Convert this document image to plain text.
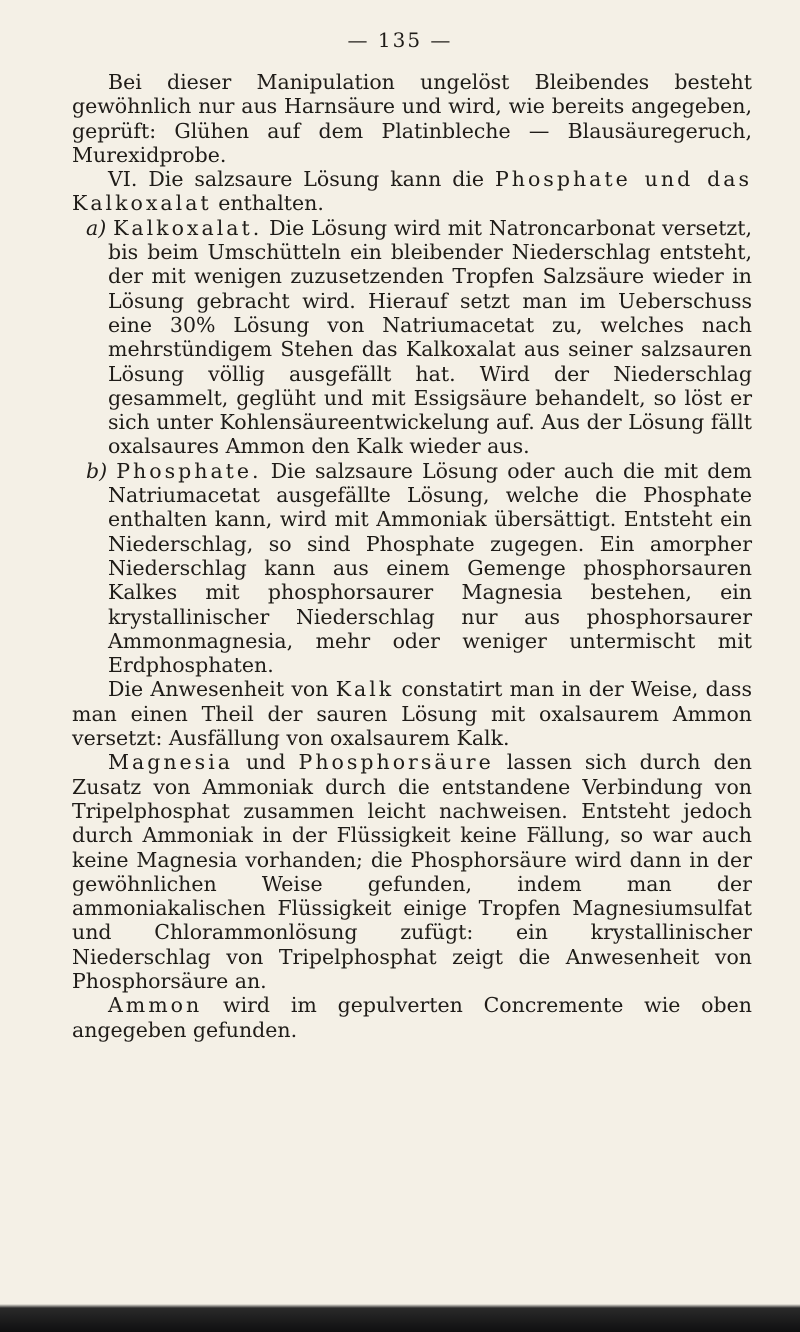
— 135 —

Bei dieser Manipulation ungelöst Bleibendes besteht gewöhnlich nur aus Harnsäure und wird, wie bereits angegeben, geprüft: Glühen auf dem Platinbleche — Blausäuregeruch, Murexidprobe.

VI. Die salzsaure Lösung kann die Phosphate und das Kalkoxalat enthalten.

a) Kalkoxalat. Die Lösung wird mit Natroncarbonat versetzt, bis beim Umschütteln ein bleibender Niederschlag entsteht, der mit wenigen zuzusetzenden Tropfen Salzsäure wieder in Lösung gebracht wird. Hierauf setzt man im Ueberschuss eine 30% Lösung von Natriumacetat zu, welches nach mehrstündigem Stehen das Kalkoxalat aus seiner salzsauren Lösung völlig ausgefällt hat. Wird der Niederschlag gesammelt, geglüht und mit Essigsäure behandelt, so löst er sich unter Kohlensäureentwickelung auf. Aus der Lösung fällt oxalsaures Ammon den Kalk wieder aus.

b) Phosphate. Die salzsaure Lösung oder auch die mit dem Natriumacetat ausgefällte Lösung, welche die Phosphate enthalten kann, wird mit Ammoniak übersättigt. Entsteht ein Niederschlag, so sind Phosphate zugegen. Ein amorpher Niederschlag kann aus einem Gemenge phosphorsauren Kalkes mit phosphorsaurer Magnesia bestehen, ein krystallinischer Niederschlag nur aus phosphorsaurer Ammonmagnesia, mehr oder weniger untermischt mit Erdphosphaten.

Die Anwesenheit von Kalk constatirt man in der Weise, dass man einen Theil der sauren Lösung mit oxalsaurem Ammon versetzt: Ausfällung von oxalsaurem Kalk.

Magnesia und Phosphorsäure lassen sich durch den Zusatz von Ammoniak durch die entstandene Verbindung von Tripelphosphat zusammen leicht nachweisen. Entsteht jedoch durch Ammoniak in der Flüssigkeit keine Fällung, so war auch keine Magnesia vorhanden; die Phosphorsäure wird dann in der gewöhnlichen Weise gefunden, indem man der ammoniakalischen Flüssigkeit einige Tropfen Magnesiumsulfat und Chlorammonlösung zufügt: ein krystallinischer Niederschlag von Tripelphosphat zeigt die Anwesenheit von Phosphorsäure an.

Ammon wird im gepulverten Concremente wie oben angegeben gefunden.
